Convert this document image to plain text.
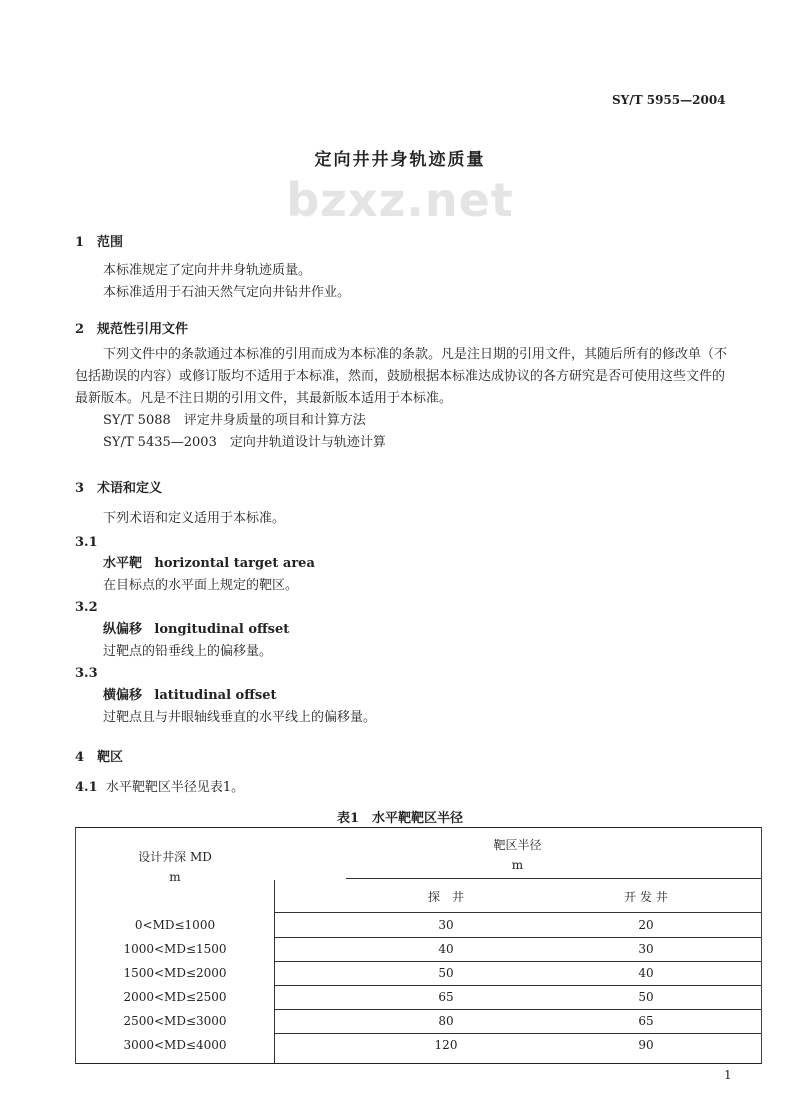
bzxz.net
SY/T 5955—2004
定向井井身轨迹质量
1 范围
本标准规定了定向井井身轨迹质量。
本标准适用于石油天然气定向井钻井作业。
2 规范性引用文件

下列文件中的条款通过本标准的引用而成为本标准的条款。凡是注日期的引用文件，其随后所有的修改单（不包括勘误的内容）或修订版均不适用于本标准，然而，鼓励根据本标准达成协议的各方研究是否可使用这些文件的最新版本。凡是不注日期的引用文件，其最新版本适用于本标准。

SY/T 5088　评定井身质量的项目和计算方法
SY/T 5435—2003　定向井轨道设计与轨迹计算
3 术语和定义
下列术语和定义适用于本标准。
3.1
水平靶 horizontal target area
在目标点的水平面上规定的靶区。
3.2
纵偏移 longitudinal offset
过靶点的铅垂线上的偏移量。
3.3
横偏移 latitudinal offset
过靶点且与井眼轴线垂直的水平线上的偏移量。
4 靶区
4.1 水平靶靶区半径见表1。
表1　水平靶靶区半径
设计井深 MD
m
靶区半径
m
探　井	开 发 井
0<MD≤1000	30	20
1000<MD≤1500	40	30
1500<MD≤2000	50	40
2000<MD≤2500	65	50
2500<MD≤3000	80	65
3000<MD≤4000	120	90
1
